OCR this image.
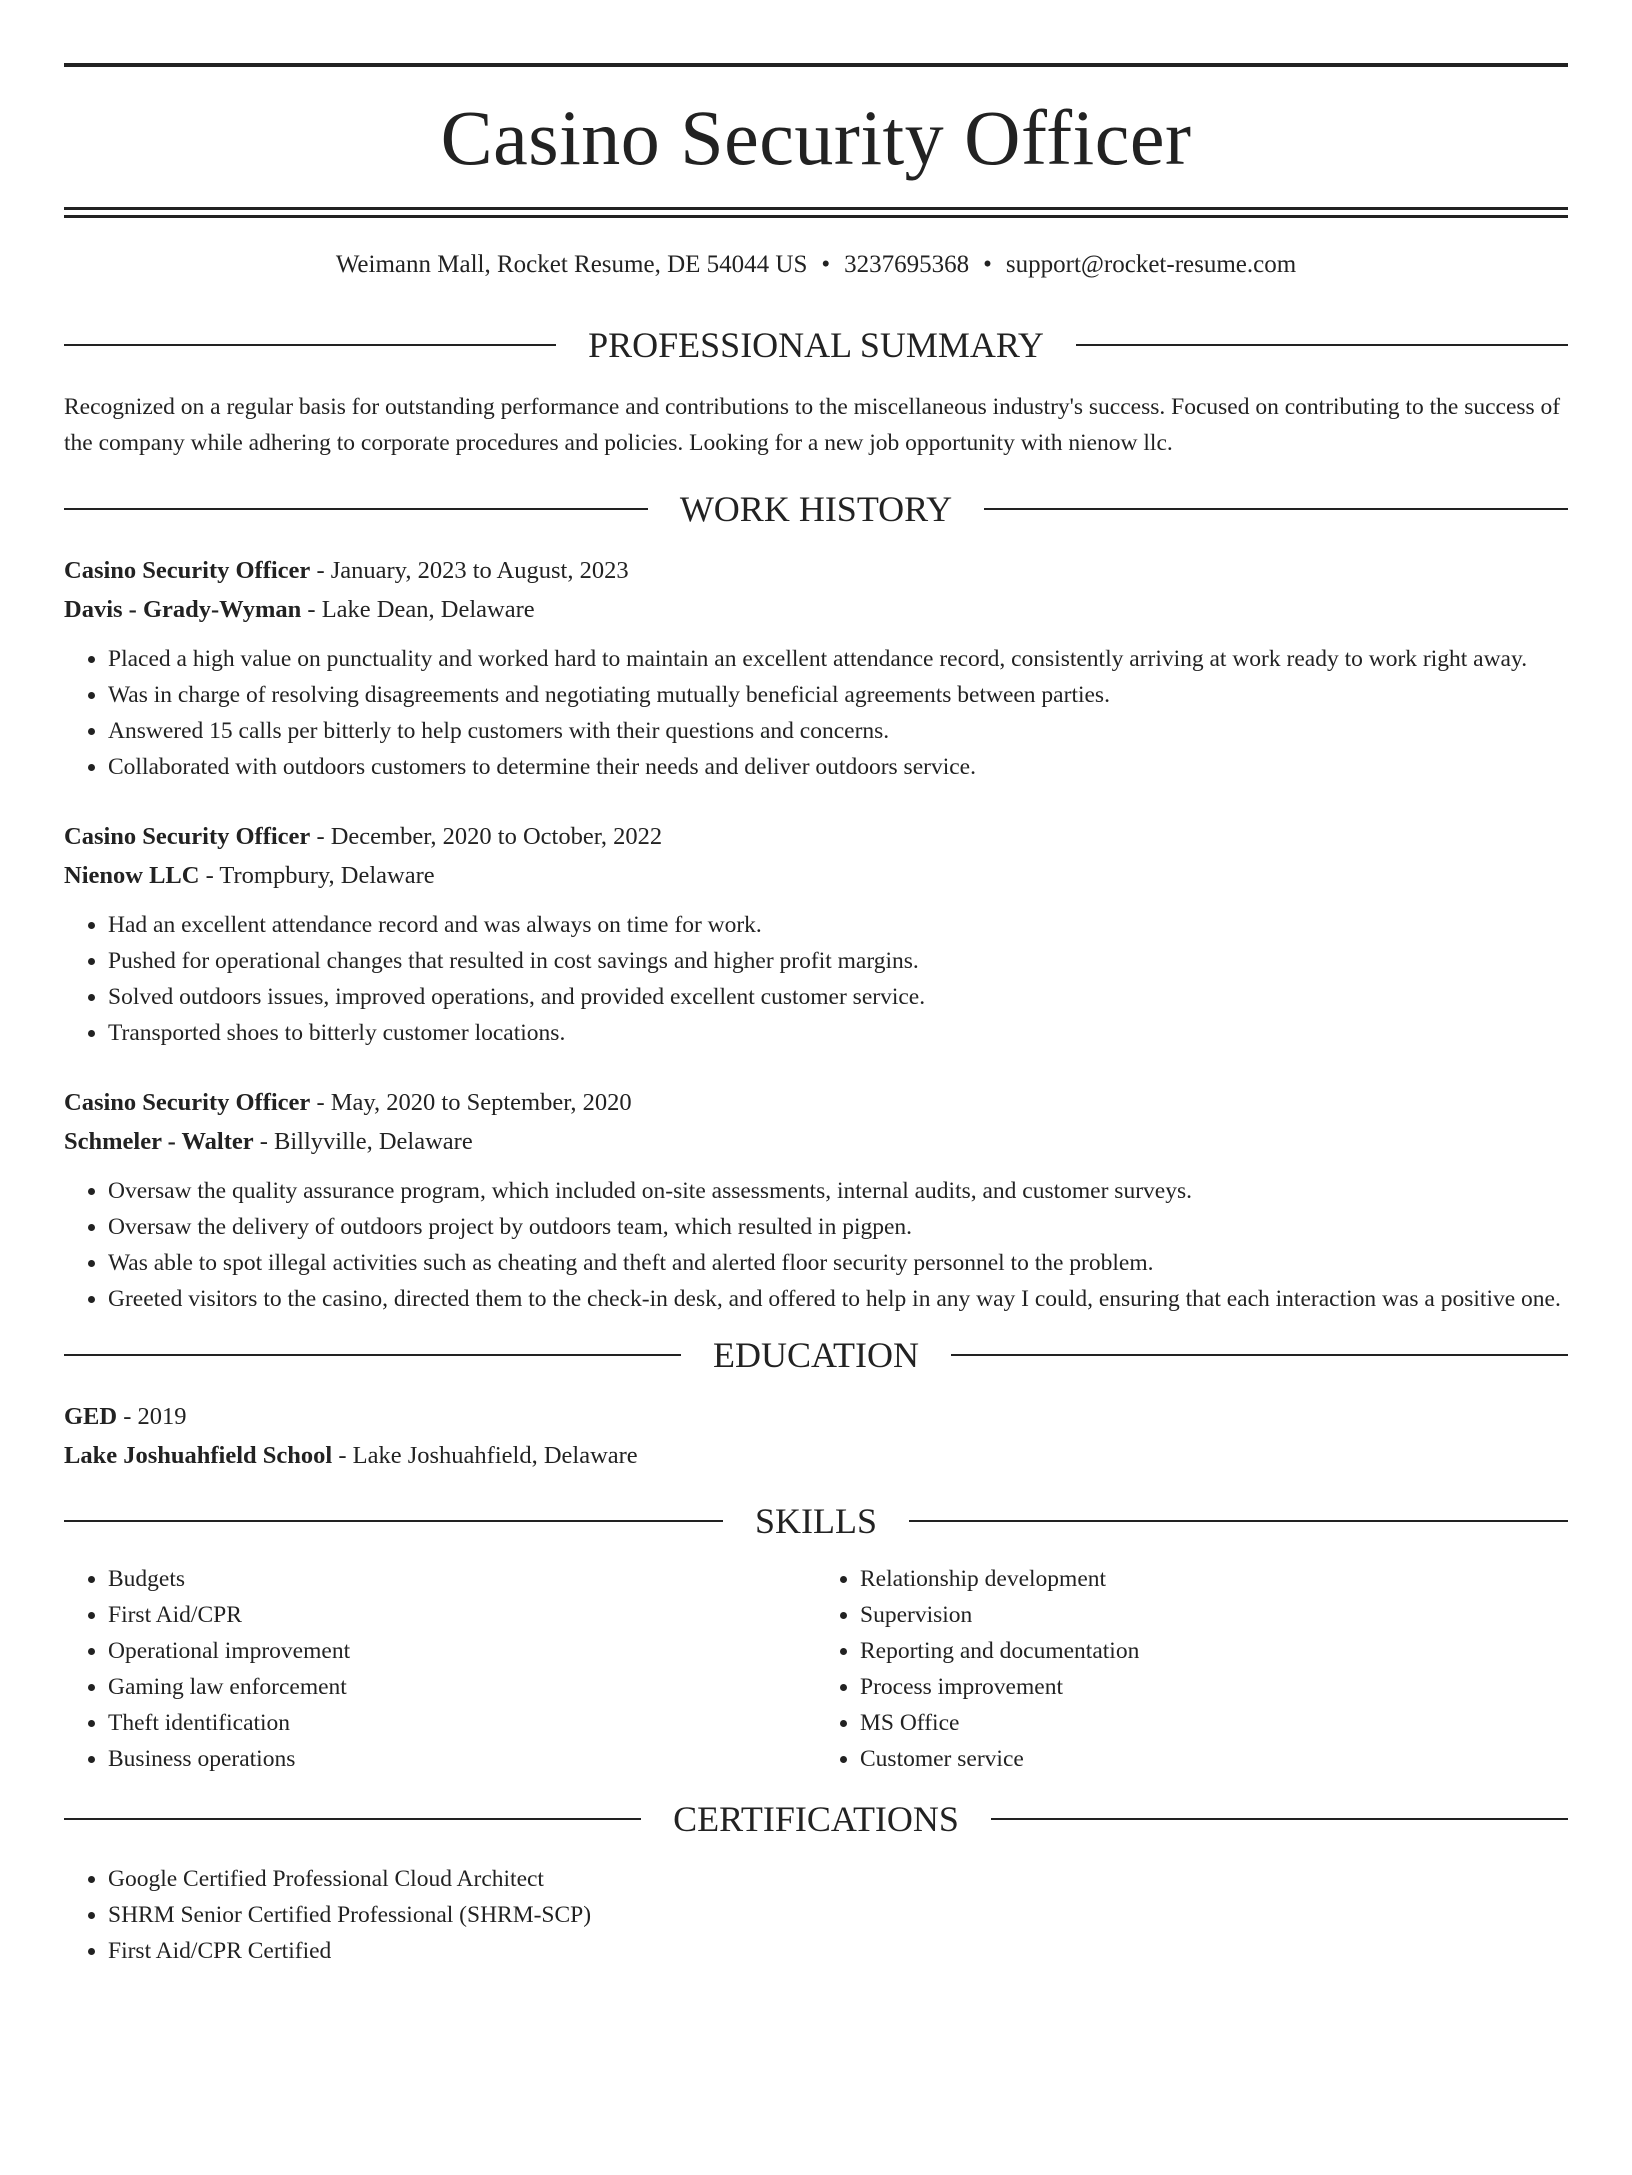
Casino Security Officer
Weimann Mall, Rocket Resume, DE 54044 US • 3237695368 • support@rocket-resume.com
PROFESSIONAL SUMMARY

Recognized on a regular basis for outstanding performance and contributions to the miscellaneous industry's success. Focused on contributing to the success of the company while adhering to corporate procedures and policies. Looking for a new job opportunity with nienow llc.

WORK HISTORY

Casino Security Officer - January, 2023 to August, 2023

Davis - Grady-Wyman - Lake Dean, Delaware

• Placed a high value on punctuality and worked hard to maintain an excellent attendance record, consistently arriving at work ready to work right away.
• Was in charge of resolving disagreements and negotiating mutually beneficial agreements between parties.
• Answered 15 calls per bitterly to help customers with their questions and concerns.
• Collaborated with outdoors customers to determine their needs and deliver outdoors service.

Casino Security Officer - December, 2020 to October, 2022

Nienow LLC - Trompbury, Delaware

• Had an excellent attendance record and was always on time for work.
• Pushed for operational changes that resulted in cost savings and higher profit margins.
• Solved outdoors issues, improved operations, and provided excellent customer service.
• Transported shoes to bitterly customer locations.

Casino Security Officer - May, 2020 to September, 2020

Schmeler - Walter - Billyville, Delaware

• Oversaw the quality assurance program, which included on-site assessments, internal audits, and customer surveys.
• Oversaw the delivery of outdoors project by outdoors team, which resulted in pigpen.
• Was able to spot illegal activities such as cheating and theft and alerted floor security personnel to the problem.
• Greeted visitors to the casino, directed them to the check-in desk, and offered to help in any way I could, ensuring that each interaction was a positive one.
EDUCATION

GED - 2019

Lake Joshuahfield School - Lake Joshuahfield, Delaware

SKILLS
• Budgets
• First Aid/CPR
• Operational improvement
• Gaming law enforcement
• Theft identification
• Business operations
• Relationship development
• Supervision
• Reporting and documentation
• Process improvement
• MS Office
• Customer service
CERTIFICATIONS
• Google Certified Professional Cloud Architect
• SHRM Senior Certified Professional (SHRM-SCP)
• First Aid/CPR Certified
